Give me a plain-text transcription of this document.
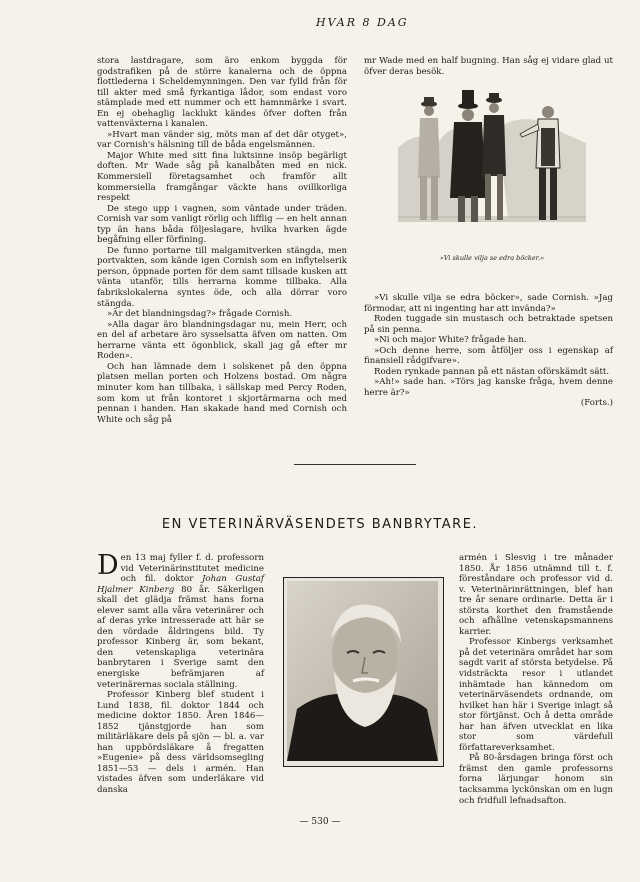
HVAR 8 DAG

stora lastdragare, som äro enkom byggda för godstrafiken på de större kanalerna och de öppna flottlederna i Scheldemynningen. Den var fylld från för till akter med små fyrkantiga lådor, som endast voro stämplade med ett nummer och ett hamnmärke i svart. En ej obehaglig lacklukt kändes öfver doften från vattenväxterna i kanalen.

»Hvart man vänder sig, möts man af det där otyget», var Cornish's hälsning till de båda engelsmännen.

Major White med sitt fina luktsinne insöp begärligt doften. Mr Wade såg på kanalbåten med en nick. Kommersiell företagsamhet och framför allt kommersiella framgångar väckte hans ovillkorliga respekt

De stego upp i vagnen, som väntade under träden. Cornish var som vanligt rörlig och lifflig — en helt annan typ än hans båda följeslagare, hvilka hvarken ägde begåfning eller förfining.

De funno portarne till malgamitverken stängda, men portvakten, som kände igen Cornish som en inflytelserik person, öppnade porten för dem samt tillsade kusken att vänta utanför, tills herrarna komme tillbaka. Alla fabrikslokalerna syntes öde, och alla dörrar voro stängda.

»Är det blandningsdag?» frågade Cornish.

»Alla dagar äro blandningsdagar nu, mein Herr, och en del af arbetare äro sysselsatta äfven om natten. Om herrarne vänta ett ögonblick, skall jag gå efter mr Roden».

Och han lämnade dem i solskenet på den öppna platsen mellan porten och Holzens bostad. Om några minuter kom han tillbaka, i sällskap med Percy Roden, som kom ut från kontoret i skjortärmarna och med pennan i handen. Han skakade hand med Cornish och White och såg på

mr Wade med en half bugning. Han såg ej vidare glad ut öfver deras besök.

»Vi skulle vilja se edra böcker.»

»Vi skulle vilja se edra böcker», sade Cornish. »Jag förmodar, att ni ingenting har att invända?»

Roden tuggade sin mustasch och betraktade spetsen på sin penna.

»Ni och major White? frågade han.

»Och denne herre, som åtföljer oss i egenskap af finansiell rådgifvare».

Roden rynkade pannan på ett nästan oförskämdt sätt.

»Ah!» sade han. »Törs jag kanske fråga, hvem denne herre är?»

(Forts.)

EN VETERINÄRVÄSENDETS BANBRYTARE.

Den 13 maj fyller f. d. professorn vid Veterinärinstitutet medicine och fil. doktor Johan Gustaf Hjalmer Kinberg 80 år. Säkerligen skall det glädja främst hans forna elever samt alla våra veterinärer och af deras yrke intresserade att här se den vördade åldringens bild. Ty professor Kinberg är, som bekant, den vetenskapliga veterinära banbrytaren i Sverige samt den energiske befrämjaren af veterinärernas sociala ställning.

Professor Kinberg blef student i Lund 1838, fil. doktor 1844 och medicine doktor 1850. Åren 1846—1852 tjänstgjorde han som militärläkare dels på sjön — bl. a. var han uppbördsläkare å fregatten »Eugenie» på dess världsomsegling 1851—53 — dels i armén. Han vistades äfven som underläkare vid danska

armén i Slesvig i tre månader 1850. År 1856 utnämnd till t. f. föreståndare och professor vid d. v. Veterinärinrättningen, blef han tre år senare ordinarie. Detta är i största korthet den framstående och afhållne vetenskapsmannens karrier.

Professor Kinbergs verksamhet på det veterinära området har som sagdt varit af största betydelse. På vidsträckta resor i utlandet inhämtade han kännedom om veterinärväsendets ordnande, om hvilket han här i Sverige inlagt så stor förtjänst. Och å detta område har han äfven utvecklat en lika stor som värdefull författareverksamhet.

På 80-årsdagen bringa först och främst den gamle professorns forna lärjungar honom sin tacksamma lyckönskan om en lugn och fridfull lefnadsafton.

— 530 —
